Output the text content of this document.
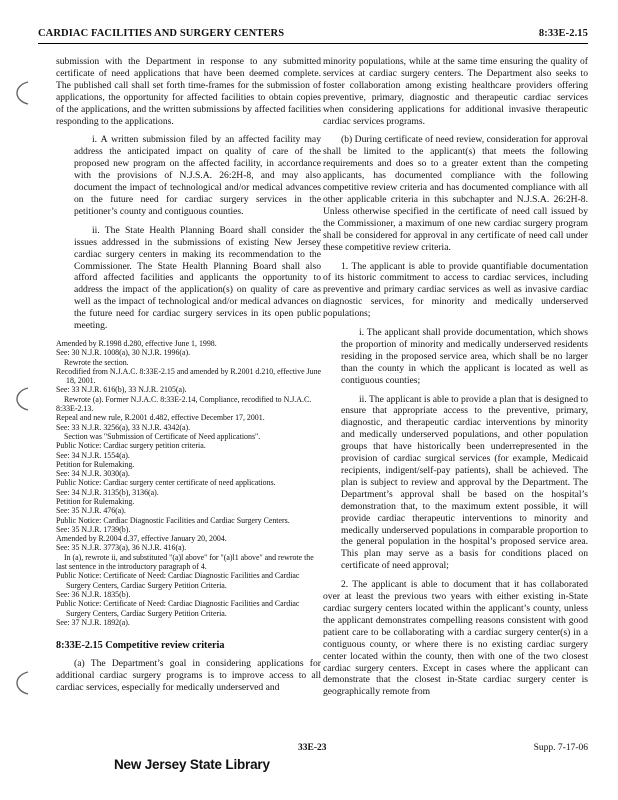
CARDIAC FACILITIES AND SURGERY CENTERS	8:33E-2.15

submission with the Department in response to any submitted certificate of need applications that have been deemed complete. The published call shall set forth time-frames for the submission of applications, the opportunity for affected facilities to obtain copies of the applications, and the written submissions by affected facilities responding to the applications.

i. A written submission filed by an affected facility may address the anticipated impact on quality of care of the proposed new program on the affected facility, in accordance with the provisions of N.J.S.A. 26:2H-8, and may also document the impact of technological and/or medical advances on the future need for cardiac surgery services in the petitioner’s county and contiguous counties.

ii. The State Health Planning Board shall consider the issues addressed in the submissions of existing New Jersey cardiac surgery centers in making its recommendation to the Commissioner. The State Health Planning Board shall also afford affected facilities and applicants the opportunity to address the impact of the application(s) on quality of care as well as the impact of technological and/or medical advances on the future need for cardiac surgery services in its open public meeting.

Amended by R.1998 d.280, effective June 1, 1998.
See: 30 N.J.R. 1008(a), 30 N.J.R. 1996(a).
Rewrote the section.
Recodified from N.J.A.C. 8:33E-2.15 and amended by R.2001 d.210, effective June 18, 2001.
See: 33 N.J.R. 616(b), 33 N.J.R. 2105(a).
Rewrote (a). Former N.J.A.C. 8:33E-2.14, Compliance, recodified to N.J.A.C. 8:33E-2.13.
Repeal and new rule, R.2001 d.482, effective December 17, 2001.
See: 33 N.J.R. 3256(a), 33 N.J.R. 4342(a).
Section was "Submission of Certificate of Need applications".
Public Notice: Cardiac surgery petition criteria.
See: 34 N.J.R. 1554(a).
Petition for Rulemaking.
See: 34 N.J.R. 3030(a).
Public Notice: Cardiac surgery center certificate of need applications.
See: 34 N.J.R. 3135(b), 3136(a).
Petition for Rulemaking.
See: 35 N.J.R. 476(a).
Public Notice: Cardiac Diagnostic Facilities and Cardiac Surgery Centers.
See: 35 N.J.R. 1739(b).
Amended by R.2004 d.37, effective January 20, 2004.
See: 35 N.J.R. 3773(a), 36 N.J.R. 416(a).
In (a), rewrote ii, and substituted "(a)l above" for "(a)l1 above" and rewrote the last sentence in the introductory paragraph of 4.
Public Notice: Certificate of Need: Cardiac Diagnostic Facilities and Cardiac Surgery Centers, Cardiac Surgery Petition Criteria.
See: 36 N.J.R. 1835(b).
Public Notice: Certificate of Need: Cardiac Diagnostic Facilities and Cardiac Surgery Centers, Cardiac Surgery Petition Criteria.
See: 37 N.J.R. 1892(a).
8:33E-2.15 Competitive review criteria

(a) The Department’s goal in considering applications for additional cardiac surgery programs is to improve access to all cardiac services, especially for medically underserved and

minority populations, while at the same time ensuring the quality of services at cardiac surgery centers. The Department also seeks to foster collaboration among existing healthcare providers offering preventive, primary, diagnostic and therapeutic cardiac services when considering applications for additional invasive therapeutic cardiac services programs.

(b) During certificate of need review, consideration for approval shall be limited to the applicant(s) that meets the following requirements and does so to a greater extent than the competing applicants, has documented compliance with the following competitive review criteria and has documented compliance with all other applicable criteria in this subchapter and N.J.S.A. 26:2H-8. Unless otherwise specified in the certificate of need call issued by the Commissioner, a maximum of one new cardiac surgery program shall be considered for approval in any certificate of need call under these competitive review criteria.

1. The applicant is able to provide quantifiable documentation of its historic commitment to access to cardiac services, including preventive and primary cardiac services as well as invasive cardiac diagnostic services, for minority and medically underserved populations;

i. The applicant shall provide documentation, which shows the proportion of minority and medically underserved residents residing in the proposed service area, which shall be no larger than the county in which the applicant is located as well as contiguous counties;

ii. The applicant is able to provide a plan that is designed to ensure that appropriate access to the preventive, primary, diagnostic, and therapeutic cardiac interventions by minority and medically underserved populations, and other population groups that have historically been underrepresented in the provision of cardiac surgical services (for example, Medicaid recipients, indigent/self-pay patients), shall be achieved. The plan is subject to review and approval by the Department. The Department’s approval shall be based on the hospital’s demonstration that, to the maximum extent possible, it will provide cardiac therapeutic interventions to minority and medically underserved populations in comparable proportion to the general population in the hospital’s proposed service area. This plan may serve as a basis for conditions placed on certificate of need approval;

2. The applicant is able to document that it has collaborated over at least the previous two years with either existing in-State cardiac surgery centers located within the applicant’s county, unless the applicant demonstrates compelling reasons consistent with good patient care to be collaborating with a cardiac surgery center(s) in a contiguous county, or where there is no existing cardiac surgery center located within the county, then with one of the two closest cardiac surgery centers. Except in cases where the applicant can demonstrate that the closest in-State cardiac surgery center is geographically remote from

33E-23	Supp. 7-17-06
New Jersey State Library
